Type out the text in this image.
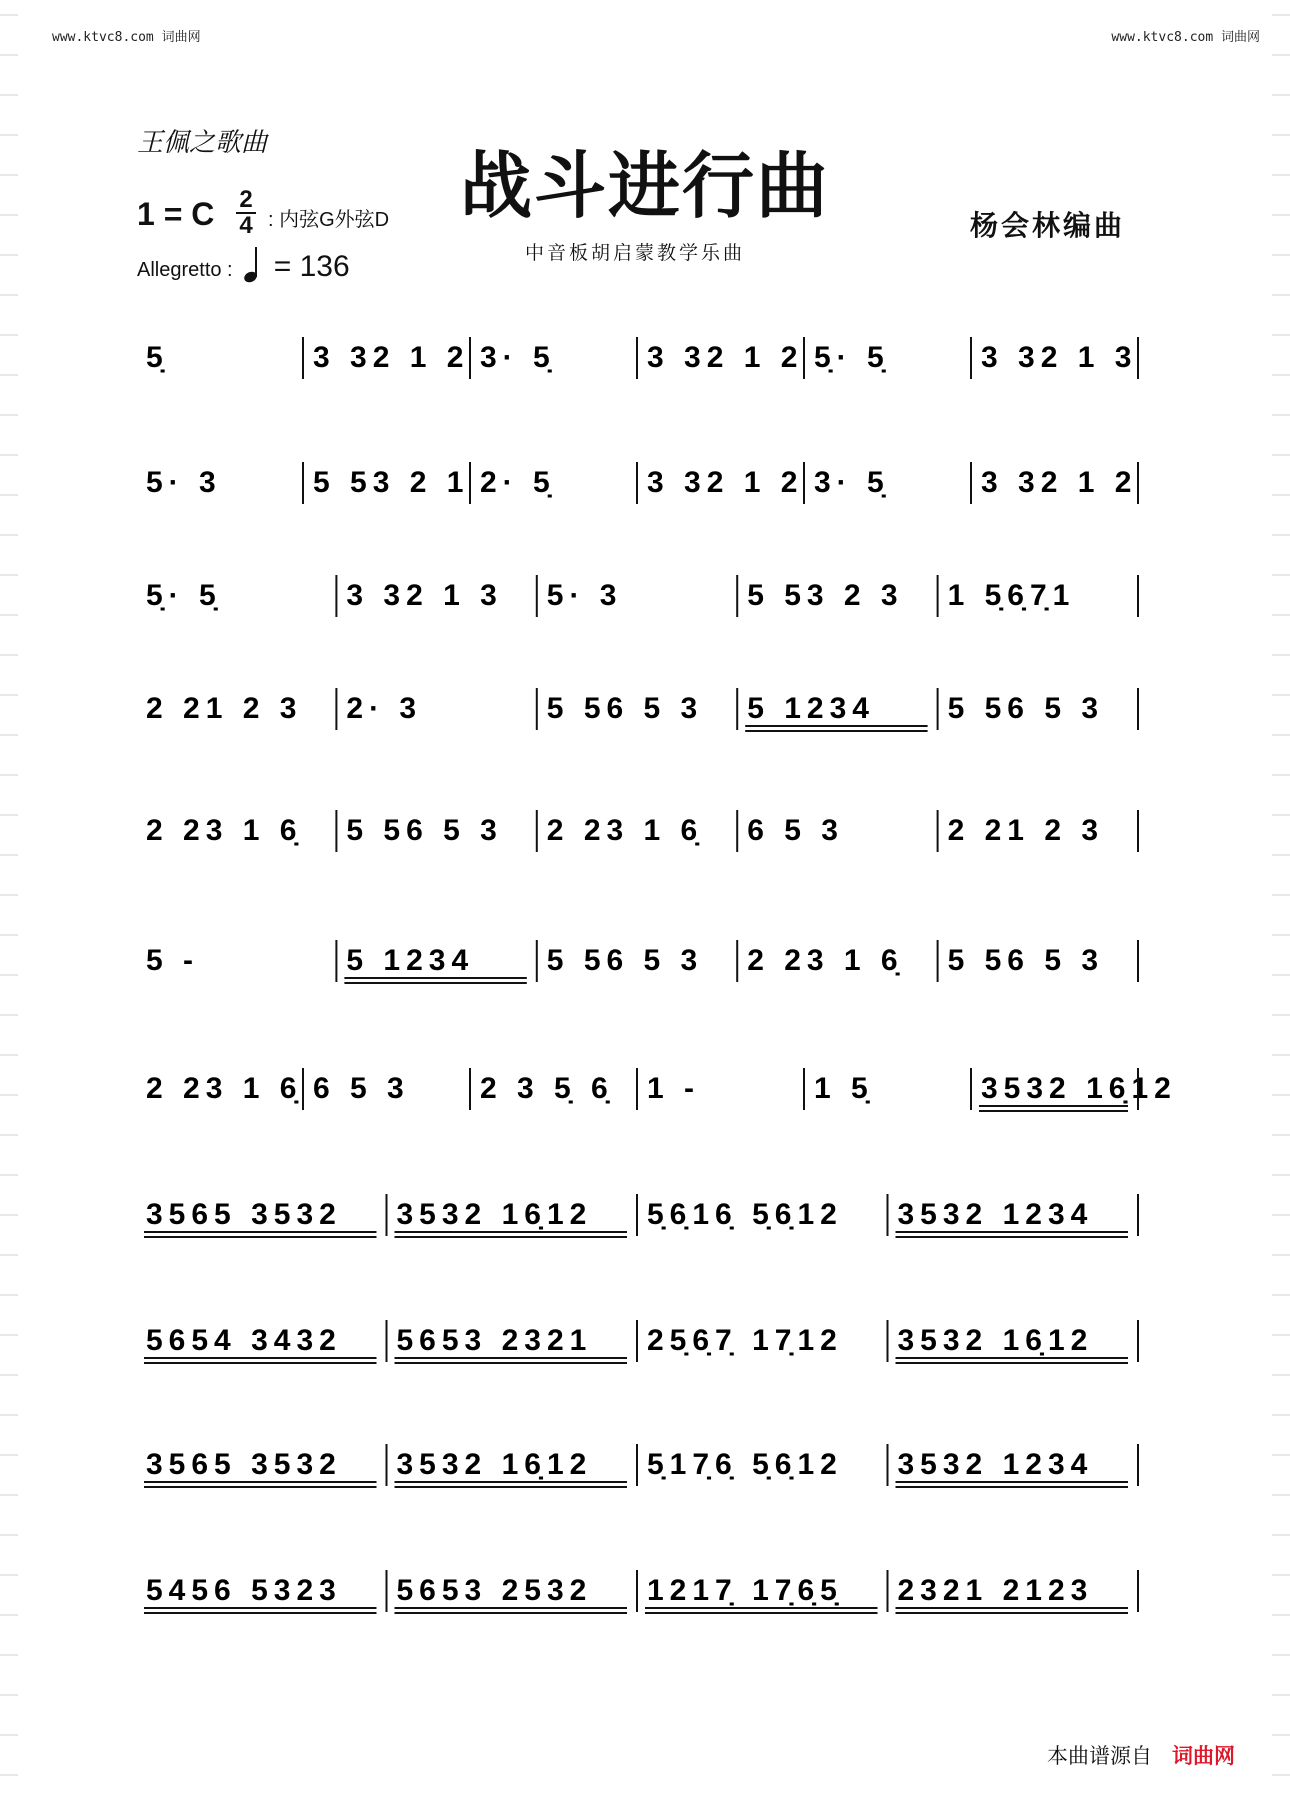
www.ktvc8.com 词曲网	www.ktvc8.com 词曲网
王佩之歌曲
战斗进行曲
中音板胡启蒙教学乐曲
杨会林编曲
1 = C 2
4 : 内弦G外弦D
Allegretto : = 136
5̣	3 32 1 2 3· 5̣	3 32 1 2 5̣· 5̣	3 32 1 3
5· 3	5 53 2 1 2· 5̣	3 32 1 2 3· 5̣	3 32 1 2
5̣· 5̣	3 32 1 3 5· 3	5 53 2 3 1 5̣6̣7̣1
2 21 2 3 2· 3	5 56 5 3 5 1234 5 56 5 3
2 23 1 6̣ 5 56 5 3 2 23 1 6̣ 6 5 3	2 21 2 3
5 -	5 1234 5 56 5 3 2 23 1 6̣ 5 56 5 3
2 23 1 6̣ 6 5 3 2 3 5̣ 6̣ 1 -	1 5̣	3532 16̣12
3565 3532 3532 16̣12 5̣6̣16̣ 5̣6̣12 3532 1234
5654 3432 5653 2321 25̣6̣7̣ 17̣12 3532 16̣12
3565 3532 3532 16̣12 5̣17̣6̣ 5̣6̣12 3532 1234
5456 5323 5653 2532 1217̣ 17̣6̣5̣ 2321 2123
本曲谱源自 词曲网
